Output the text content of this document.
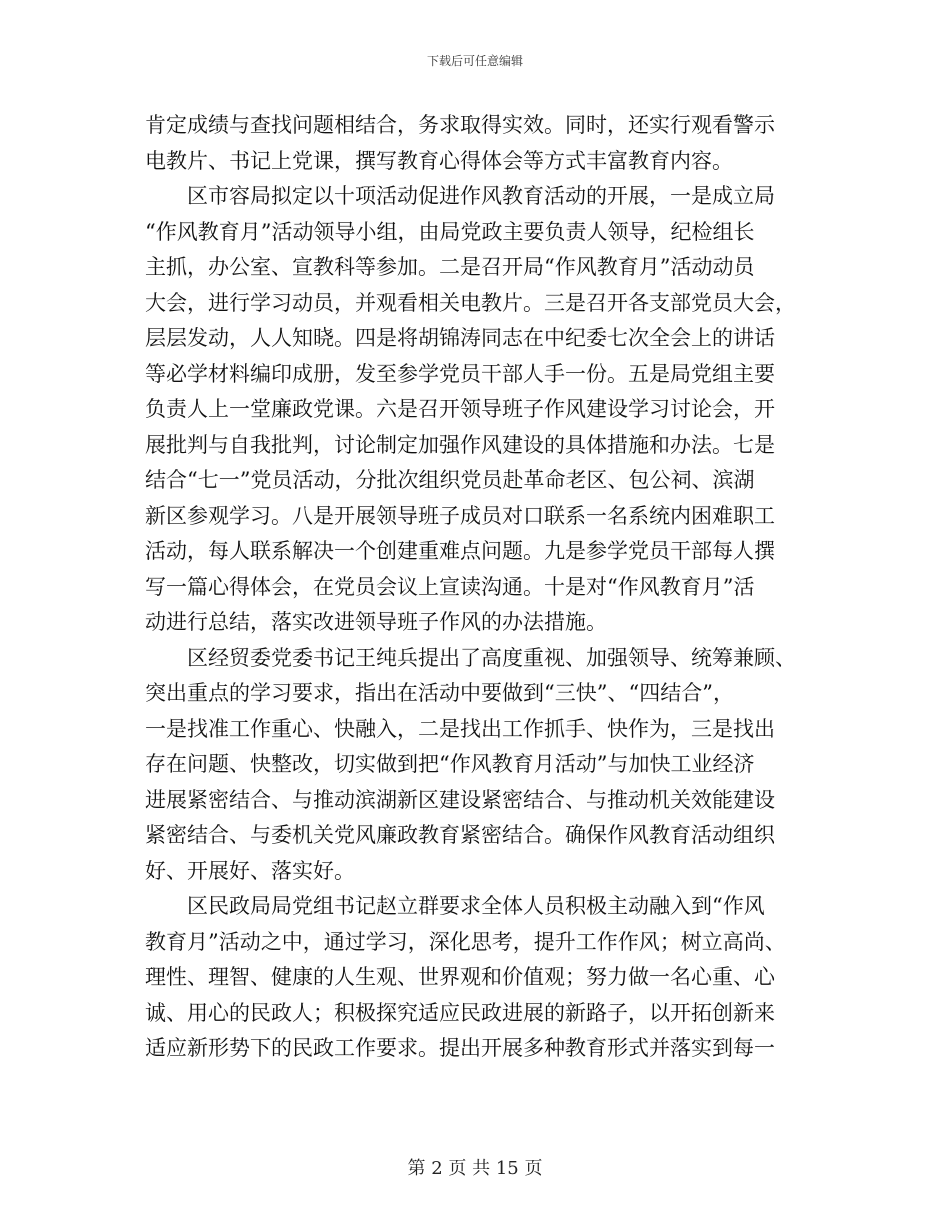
下载后可任意编辑
肯定成绩与查找问题相结合，务求取得实效。同时，还实行观看警示
电教片、书记上党课，撰写教育心得体会等方式丰富教育内容。
区市容局拟定以十项活动促进作风教育活动的开展，一是成立局
“作风教育月”活动领导小组，由局党政主要负责人领导，纪检组长
主抓，办公室、宣教科等参加。二是召开局“作风教育月”活动动员
大会，进行学习动员，并观看相关电教片。三是召开各支部党员大会，
层层发动，人人知晓。四是将胡锦涛同志在中纪委七次全会上的讲话
等必学材料编印成册，发至参学党员干部人手一份。五是局党组主要
负责人上一堂廉政党课。六是召开领导班子作风建设学习讨论会，开
展批判与自我批判，讨论制定加强作风建设的具体措施和办法。七是
结合“七一”党员活动，分批次组织党员赴革命老区、包公祠、滨湖
新区参观学习。八是开展领导班子成员对口联系一名系统内困难职工
活动，每人联系解决一个创建重难点问题。九是参学党员干部每人撰
写一篇心得体会，在党员会议上宣读沟通。十是对“作风教育月”活
动进行总结，落实改进领导班子作风的办法措施。
区经贸委党委书记王纯兵提出了高度重视、加强领导、统筹兼顾、
突出重点的学习要求，指出在活动中要做到“三快”、“四结合”，
一是找准工作重心、快融入，二是找出工作抓手、快作为，三是找出
存在问题、快整改，切实做到把“作风教育月活动”与加快工业经济
进展紧密结合、与推动滨湖新区建设紧密结合、与推动机关效能建设
紧密结合、与委机关党风廉政教育紧密结合。确保作风教育活动组织
好、开展好、落实好。
区民政局局党组书记赵立群要求全体人员积极主动融入到“作风
教育月”活动之中，通过学习，深化思考，提升工作作风；树立高尚、
理性、理智、健康的人生观、世界观和价值观；努力做一名心重、心
诚、用心的民政人；积极探究适应民政进展的新路子，以开拓创新来
适应新形势下的民政工作要求。提出开展多种教育形式并落实到每一
第 2 页 共 15 页
